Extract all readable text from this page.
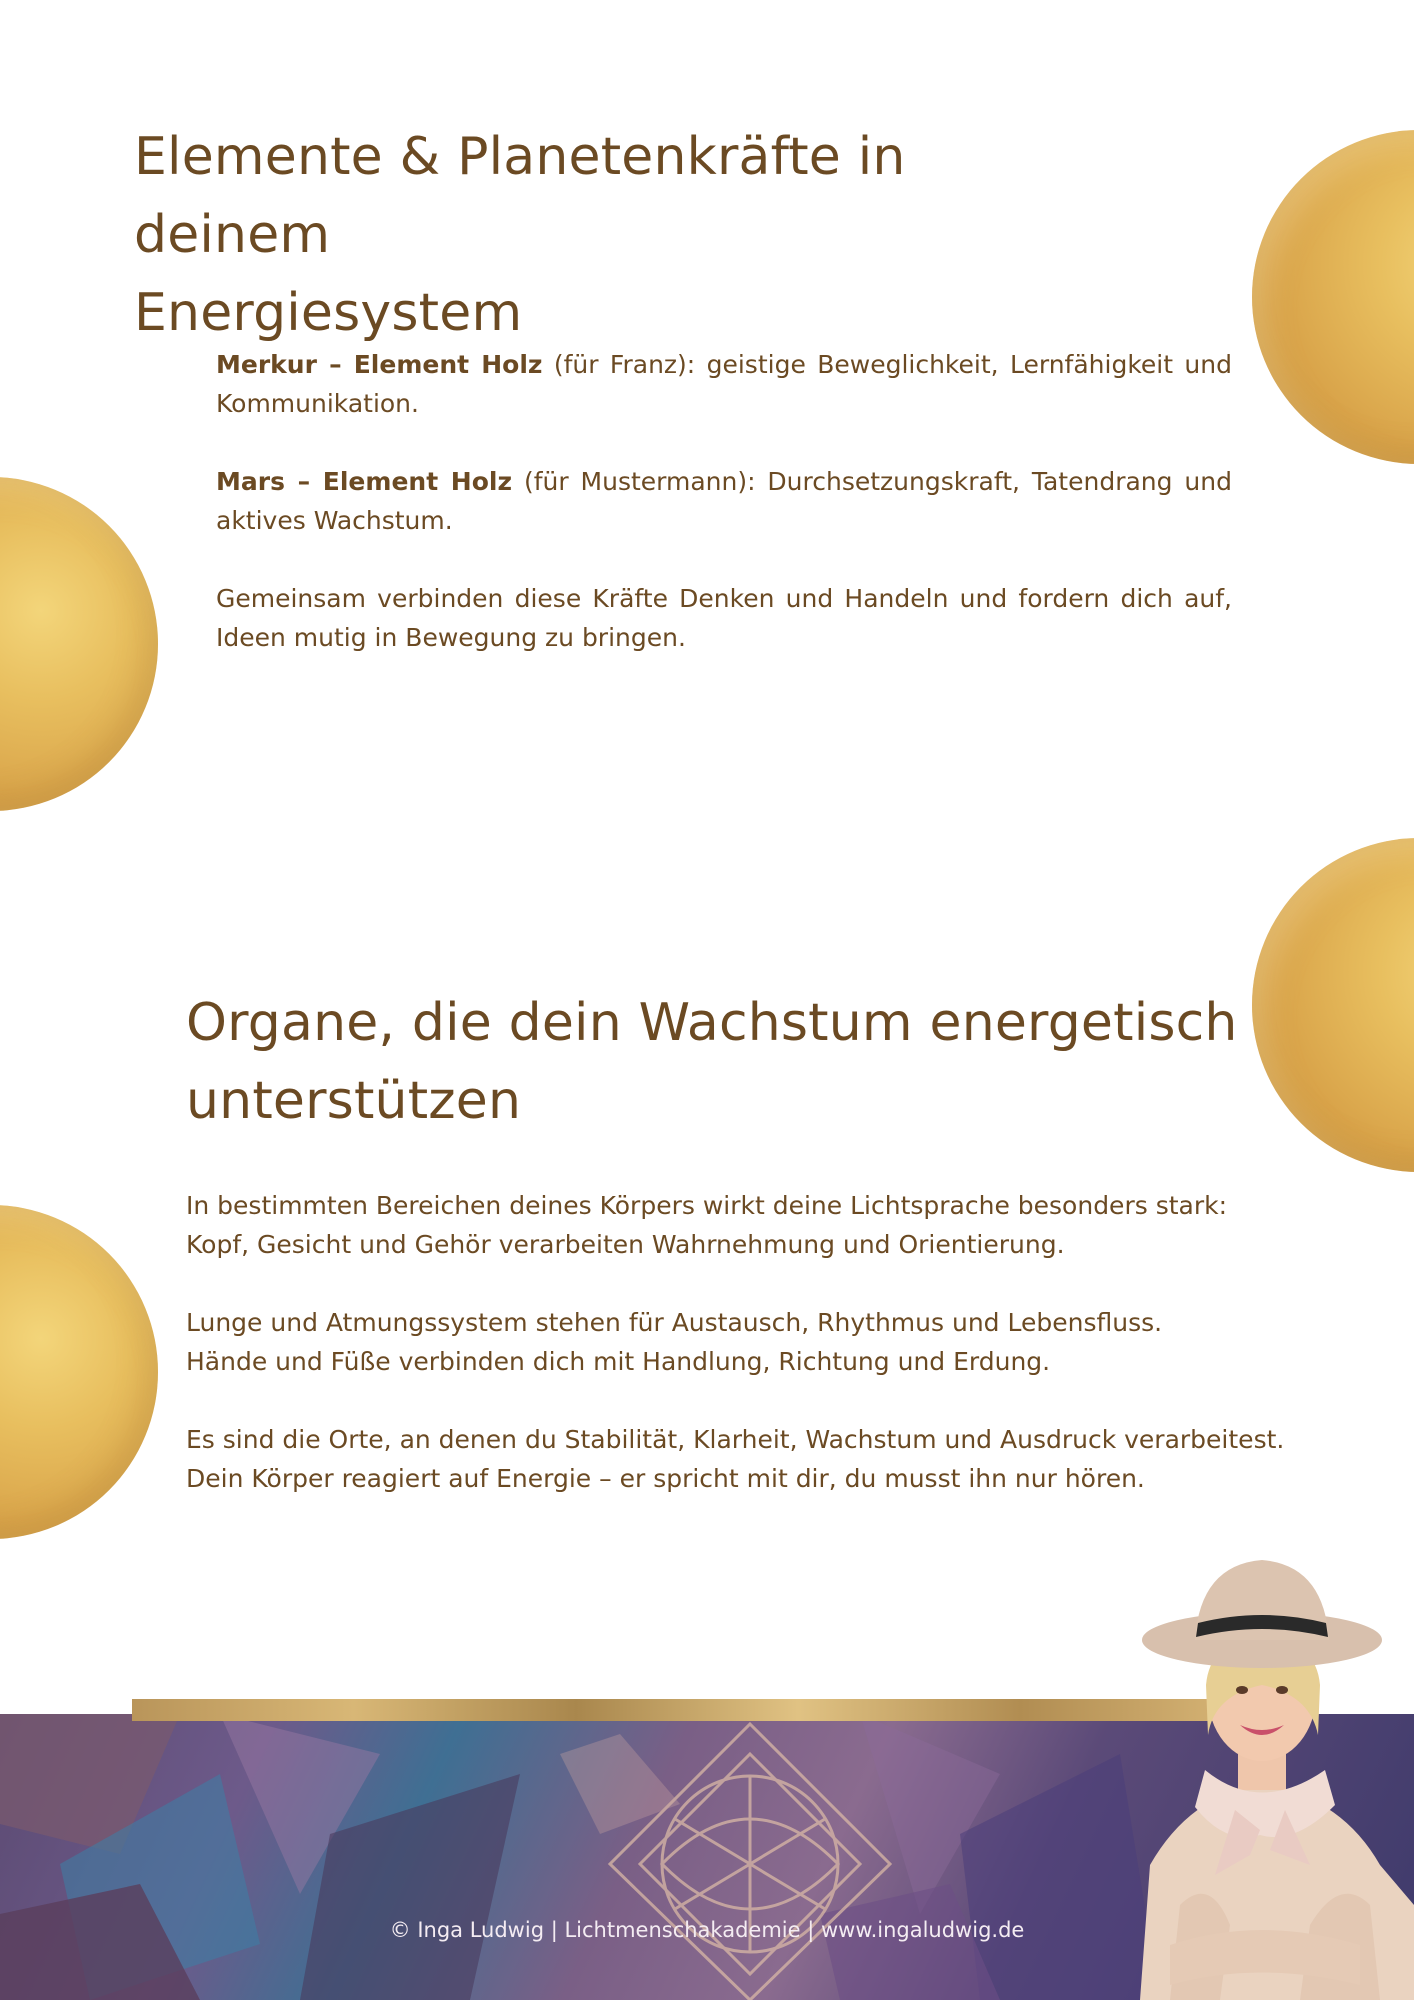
Elemente & Planetenkräfte in deinem
Energiesystem

Merkur – Element Holz (für Franz): geistige Beweglichkeit, Lernfähigkeit und Kommunikation.

Mars – Element Holz (für Mustermann): Durchsetzungskraft, Tatendrang und aktives Wachstum.

Gemeinsam verbinden diese Kräfte Denken und Handeln und fordern dich auf, Ideen mutig in Bewegung zu bringen.

Organe, die dein Wachstum energetisch
unterstützen

In bestimmten Bereichen deines Körpers wirkt deine Lichtsprache besonders stark:
Kopf, Gesicht und Gehör verarbeiten Wahrnehmung und Orientierung.

Lunge und Atmungssystem stehen für Austausch, Rhythmus und Lebensfluss.
Hände und Füße verbinden dich mit Handlung, Richtung und Erdung.

Es sind die Orte, an denen du Stabilität, Klarheit, Wachstum und Ausdruck verarbeitest.
Dein Körper reagiert auf Energie – er spricht mit dir, du musst ihn nur hören.

© Inga Ludwig | Lichtmenschakademie | www.ingaludwig.de
